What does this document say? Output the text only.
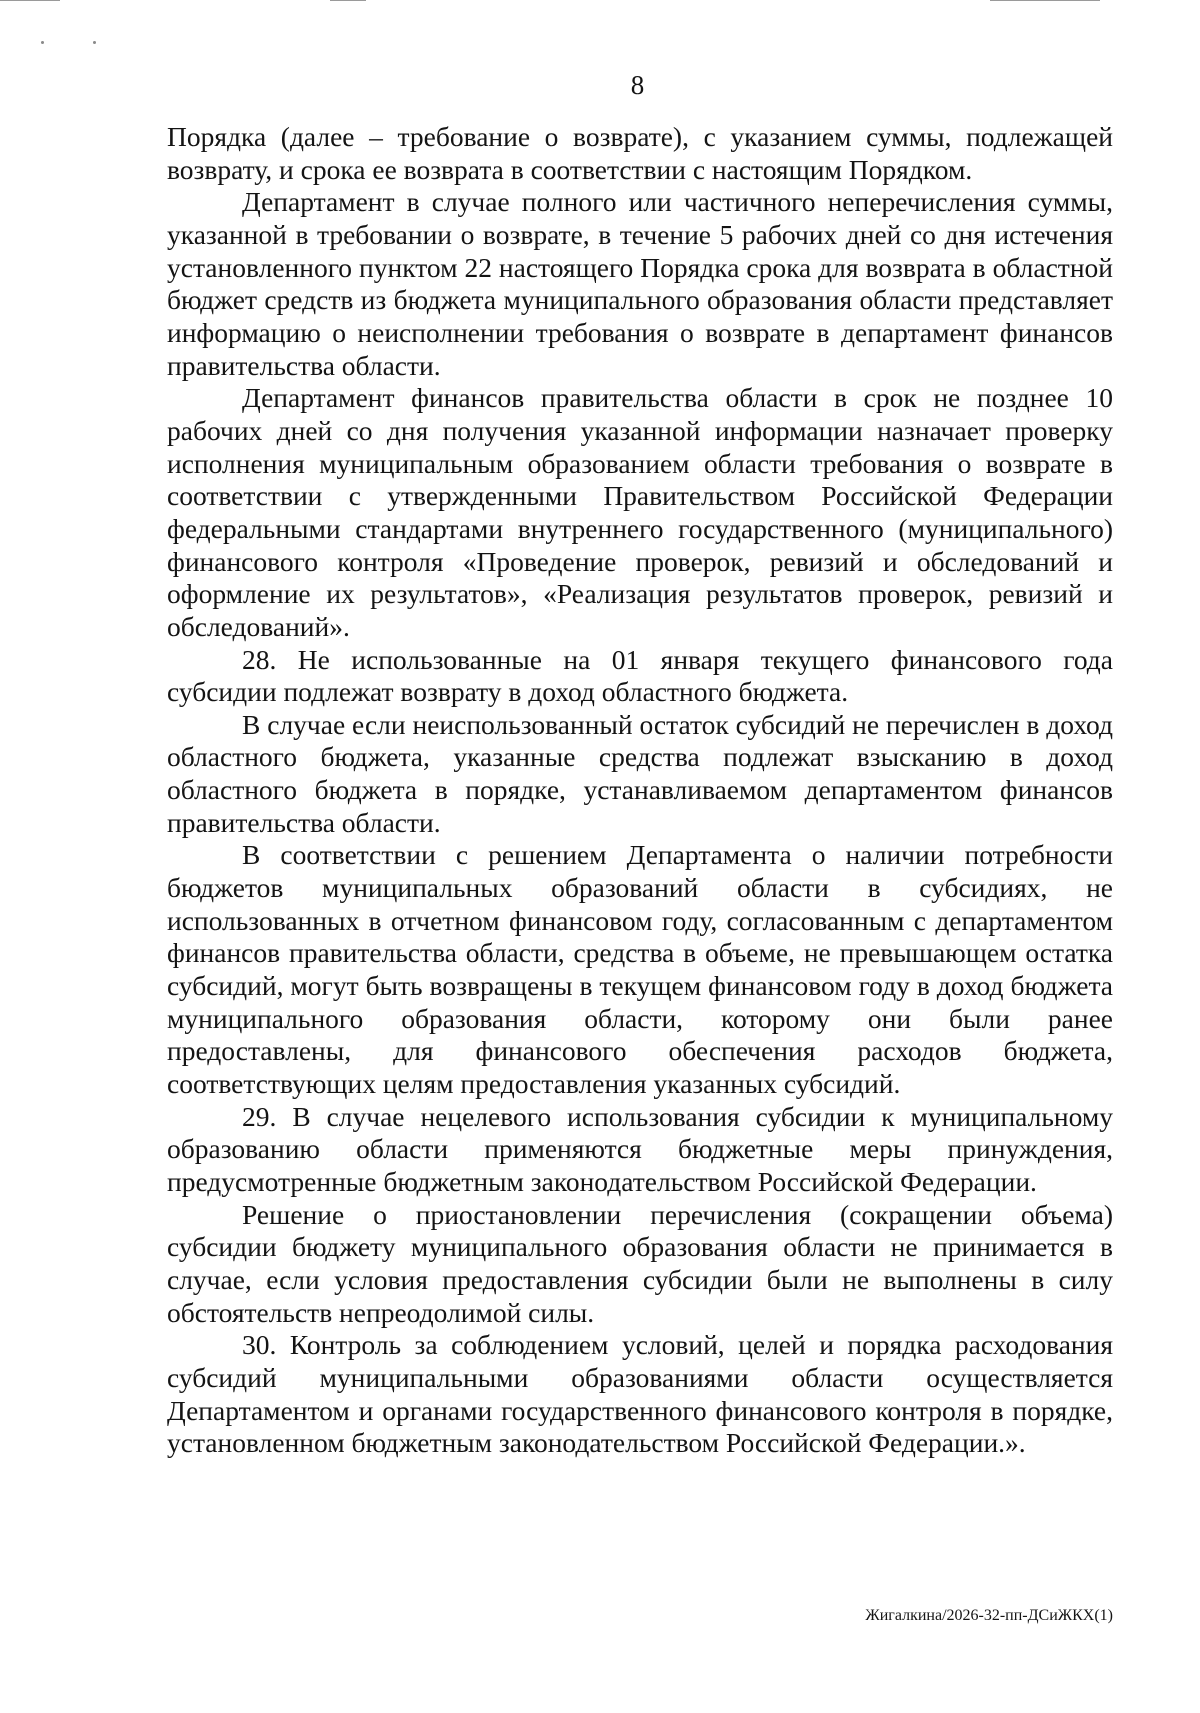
8

Порядка (далее – требование о возврате), с указанием суммы, подлежащей возврату, и срока ее возврата в соответствии с настоящим Порядком.

Департамент в случае полного или частичного неперечисления суммы, указанной в требовании о возврате, в течение 5 рабочих дней со дня истечения установленного пунктом 22 настоящего Порядка срока для возврата в областной бюджет средств из бюджета муниципального образования области представляет информацию о неисполнении требования о возврате в департамент финансов правительства области.

Департамент финансов правительства области в срок не позднее 10 рабочих дней со дня получения указанной информации назначает проверку исполнения муниципальным образованием области требования о возврате в соответствии с утвержденными Правительством Российской Федерации федеральными стандартами внутреннего государственного (муниципального) финансового контроля «Проведение проверок, ревизий и обследований и оформление их результатов», «Реализация результатов проверок, ревизий и обследований».

28. Не использованные на 01 января текущего финансового года субсидии подлежат возврату в доход областного бюджета.

В случае если неиспользованный остаток субсидий не перечислен в доход областного бюджета, указанные средства подлежат взысканию в доход областного бюджета в порядке, устанавливаемом департаментом финансов правительства области.

В соответствии с решением Департамента о наличии потребности бюджетов муниципальных образований области в субсидиях, не использованных в отчетном финансовом году, согласованным с департаментом финансов правительства области, средства в объеме, не превышающем остатка субсидий, могут быть возвращены в текущем финансовом году в доход бюджета муниципального образования области, которому они были ранее предоставлены, для финансового обеспечения расходов бюджета, соответствующих целям предоставления указанных субсидий.

29. В случае нецелевого использования субсидии к муниципальному образованию области применяются бюджетные меры принуждения, предусмотренные бюджетным законодательством Российской Федерации.

Решение о приостановлении перечисления (сокращении объема) субсидии бюджету муниципального образования области не принимается в случае, если условия предоставления субсидии были не выполнены в силу обстоятельств непреодолимой силы.

30. Контроль за соблюдением условий, целей и порядка расходования субсидий муниципальными образованиями области осуществляется Департаментом и органами государственного финансового контроля в порядке, установленном бюджетным законодательством Российской Федерации.».

Жигалкина/2026-32-пп-ДСиЖКХ(1)
